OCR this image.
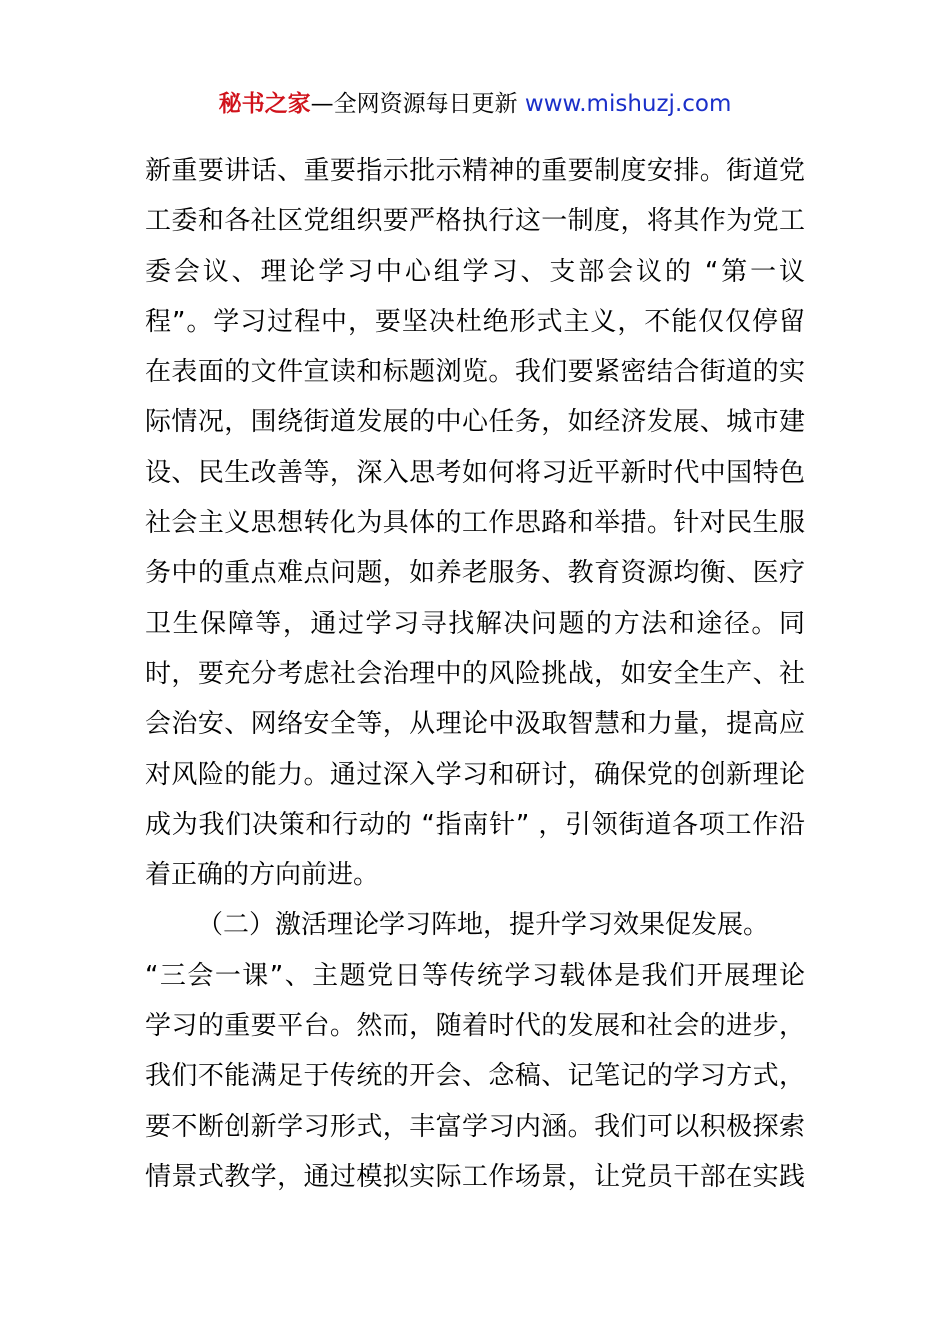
秘书之家—全网资源每日更新 www.mishuzj.com
新重要讲话、重要指示批示精神的重要制度安排。街道党
工委和各社区党组织要严格执行这一制度，将其作为党工
委会议、理论学习中心组学习、支部会议的 “第一议
程”。学习过程中，要坚决杜绝形式主义，不能仅仅停留
在表面的文件宣读和标题浏览。我们要紧密结合街道的实
际情况，围绕街道发展的中心任务，如经济发展、城市建
设、民生改善等，深入思考如何将习近平新时代中国特色
社会主义思想转化为具体的工作思路和举措。针对民生服
务中的重点难点问题，如养老服务、教育资源均衡、医疗
卫生保障等，通过学习寻找解决问题的方法和途径。同
时，要充分考虑社会治理中的风险挑战，如安全生产、社
会治安、网络安全等，从理论中汲取智慧和力量，提高应
对风险的能力。通过深入学习和研讨，确保党的创新理论
成为我们决策和行动的 “指南针” ，引领街道各项工作沿
着正确的方向前进。
（二）激活理论学习阵地，提升学习效果促发展。
“三会一课”、主题党日等传统学习载体是我们开展理论
学习的重要平台。然而，随着时代的发展和社会的进步，
我们不能满足于传统的开会、念稿、记笔记的学习方式，
要不断创新学习形式，丰富学习内涵。我们可以积极探索
情景式教学，通过模拟实际工作场景，让党员干部在实践
